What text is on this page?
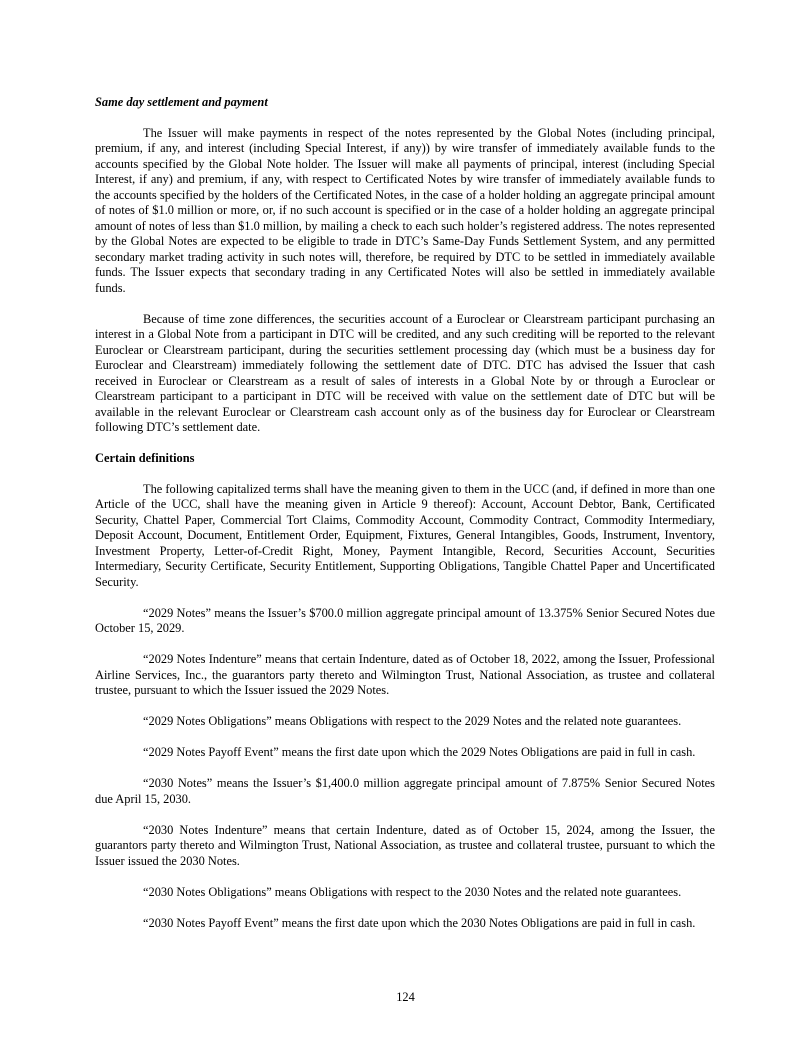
Same day settlement and payment

The Issuer will make payments in respect of the notes represented by the Global Notes (including principal, premium, if any, and interest (including Special Interest, if any)) by wire transfer of immediately available funds to the accounts specified by the Global Note holder. The Issuer will make all payments of principal, interest (including Special Interest, if any) and premium, if any, with respect to Certificated Notes by wire transfer of immediately available funds to the accounts specified by the holders of the Certificated Notes, in the case of a holder holding an aggregate principal amount of notes of $1.0 million or more, or, if no such account is specified or in the case of a holder holding an aggregate principal amount of notes of less than $1.0 million, by mailing a check to each such holder’s registered address. The notes represented by the Global Notes are expected to be eligible to trade in DTC’s Same-Day Funds Settlement System, and any permitted secondary market trading activity in such notes will, therefore, be required by DTC to be settled in immediately available funds. The Issuer expects that secondary trading in any Certificated Notes will also be settled in immediately available funds.

Because of time zone differences, the securities account of a Euroclear or Clearstream participant purchasing an interest in a Global Note from a participant in DTC will be credited, and any such crediting will be reported to the relevant Euroclear or Clearstream participant, during the securities settlement processing day (which must be a business day for Euroclear and Clearstream) immediately following the settlement date of DTC. DTC has advised the Issuer that cash received in Euroclear or Clearstream as a result of sales of interests in a Global Note by or through a Euroclear or Clearstream participant to a participant in DTC will be received with value on the settlement date of DTC but will be available in the relevant Euroclear or Clearstream cash account only as of the business day for Euroclear or Clearstream following DTC’s settlement date.

Certain definitions

The following capitalized terms shall have the meaning given to them in the UCC (and, if defined in more than one Article of the UCC, shall have the meaning given in Article 9 thereof): Account, Account Debtor, Bank, Certificated Security, Chattel Paper, Commercial Tort Claims, Commodity Account, Commodity Contract, Commodity Intermediary, Deposit Account, Document, Entitlement Order, Equipment, Fixtures, General Intangibles, Goods, Instrument, Inventory, Investment Property, Letter-of-Credit Right, Money, Payment Intangible, Record, Securities Account, Securities Intermediary, Security Certificate, Security Entitlement, Supporting Obligations, Tangible Chattel Paper and Uncertificated Security.

“2029 Notes” means the Issuer’s $700.0 million aggregate principal amount of 13.375% Senior Secured Notes due October 15, 2029.

“2029 Notes Indenture” means that certain Indenture, dated as of October 18, 2022, among the Issuer, Professional Airline Services, Inc., the guarantors party thereto and Wilmington Trust, National Association, as trustee and collateral trustee, pursuant to which the Issuer issued the 2029 Notes.

“2029 Notes Obligations” means Obligations with respect to the 2029 Notes and the related note guarantees.

“2029 Notes Payoff Event” means the first date upon which the 2029 Notes Obligations are paid in full in cash.

“2030 Notes” means the Issuer’s $1,400.0 million aggregate principal amount of 7.875% Senior Secured Notes due April 15, 2030.

“2030 Notes Indenture” means that certain Indenture, dated as of October 15, 2024, among the Issuer, the guarantors party thereto and Wilmington Trust, National Association, as trustee and collateral trustee, pursuant to which the Issuer issued the 2030 Notes.

“2030 Notes Obligations” means Obligations with respect to the 2030 Notes and the related note guarantees.

“2030 Notes Payoff Event” means the first date upon which the 2030 Notes Obligations are paid in full in cash.

124
